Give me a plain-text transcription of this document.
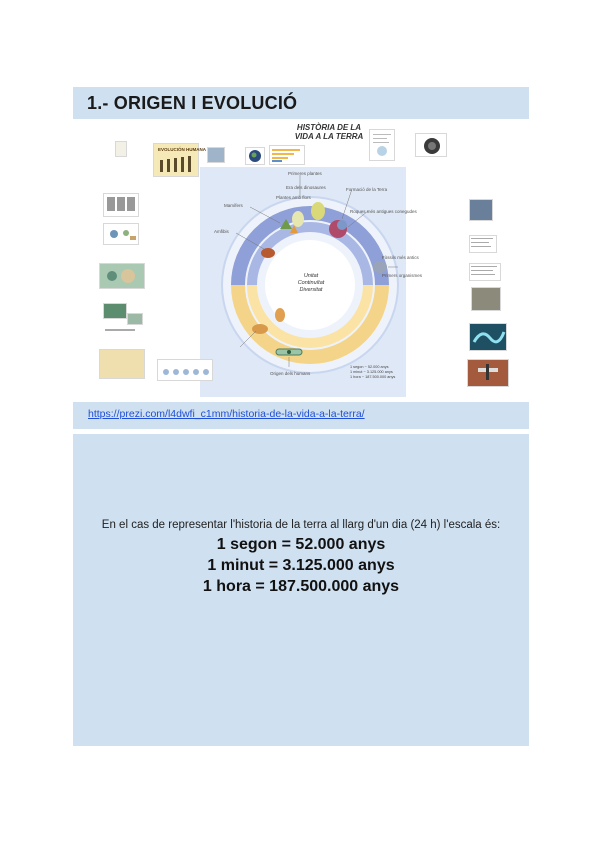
1.- ORIGEN I EVOLUCIÓ
EVOLUCIÓN HUMANA
HISTÒRIA DE LA
VIDA A LA TERRA
Primeres plantes
Era dels dinosaures
Plantes amb flors
Formació de la Terra
Roques més antigues conegudes
Mamífers
Amfibis
Fòssils més antics
Primers organismes
Origen dels humans
Unitat
Continuïtat
Diversitat
1 segon ~ 52.000 anys
1 minut ~ 3.125.000 anys
1 hora ~ 187.500.000 anys
https://prezi.com/l4dwfi_c1mm/historia-de-la-vida-a-la-terra/
En el cas de representar l'historia de la terra al llarg d'un dia (24 h) l'escala és:
1 segon = 52.000 anys
1 minut = 3.125.000 anys
1 hora = 187.500.000 anys
